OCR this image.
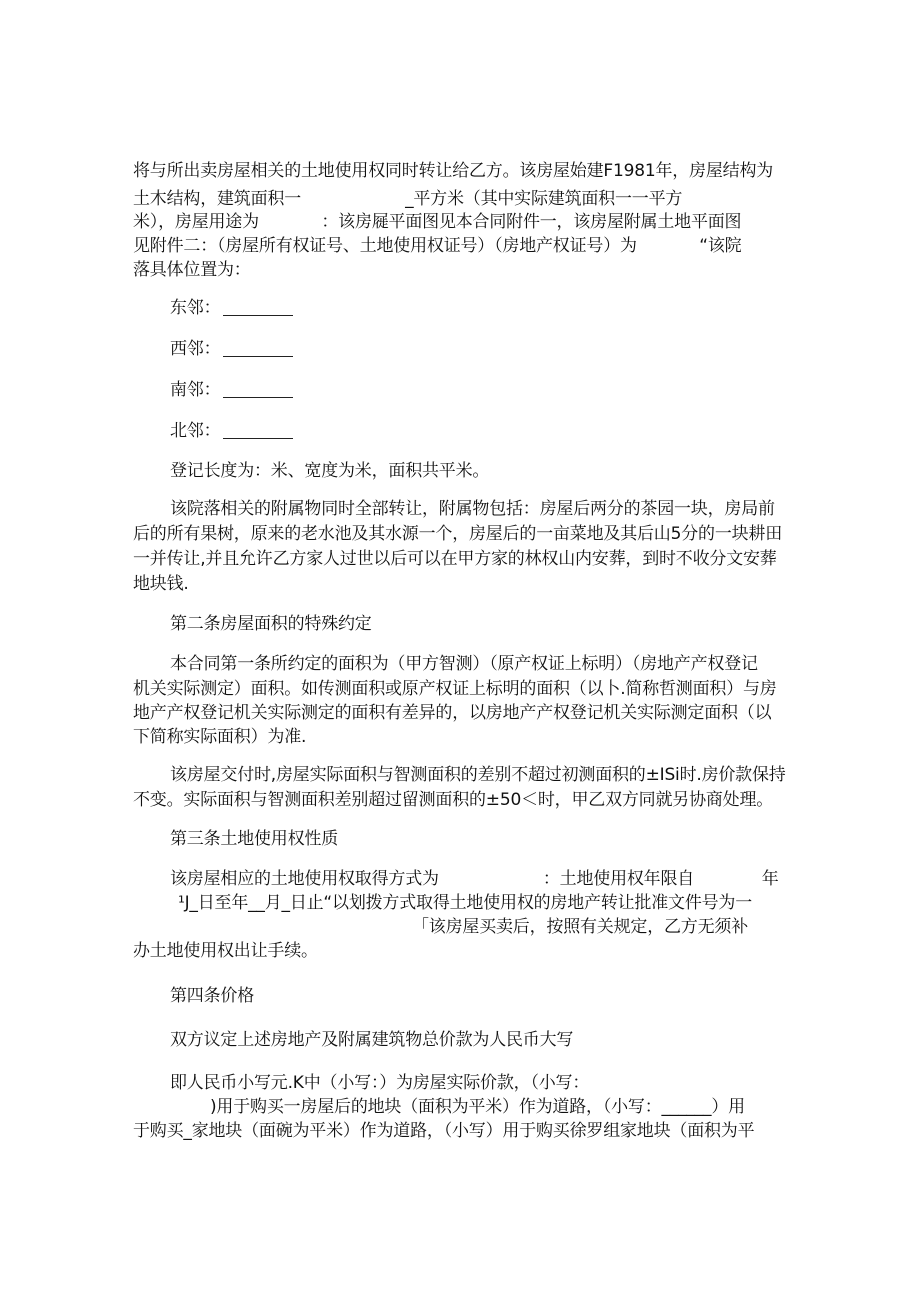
将与所出卖房屋相关的土地使用权同时转让给乙方。该房屋始建F1981年，房屋结构为
土木结构，建筑面积一                    _平方米（其中实际建筑面积一一平方
米），房屋用途为            ：该房屣平面图见本合同附件一，该房屋附属土地平面图
见附件二：（房屋所有权证号、土地使用权证号）（房地产权证号）为            “该院
落具体位置为：
东邻：
西邻：
南邻：
北邻：
登记长度为：米、宽度为米，面积共平米。
该院落相关的附属物同时全部转让，附属物包括：房屋后两分的茶园一块，房局前
后的所有果树，原来的老水池及其水源一个，房屋后的一亩菜地及其后山5分的一块耕田
一并传让,并且允许乙方家人过世以后可以在甲方家的林权山内安葬，到时不收分文安葬
地块钱.
第二条房屋面积的特殊约定
本合同第一条所约定的面积为（甲方智测）（原产权证上标明）（房地产产权登记
机关实际测定）面积。如传测面积或原产权证上标明的面积（以卜.简称哲测面积）与房
地产产权登记机关实际测定的面积有差异的，以房地产产权登记机关实际测定面积（以
下简称实际面积）为准.
该房屋交付时,房屋实际面积与智测面积的差别不超过初测面积的±ISi时.房价款保持
不变。实际面积与智测面积差别超过留测面积的±50＜时，甲乙双方同就另协商处理。
第三条土地使用权性质
该房屋相应的土地使用权取得方式为                    ：土地使用权年限自             年
¹J_日至年__月_日止“以划拨方式取得土地使用权的房地产转让批准文件号为一
「该房屋买卖后，按照有关规定，乙方无须补
办土地使用权出让手续。
第四条价格
双方议定上述房地产及附属建筑物总价款为人民币大写
即人民币小写元.K中（小写：）为房屋实际价款，（小写：
)用于购买一房屋后的地块（面积为平米）作为道路，（小写：______）用
于购买_家地块（面碗为平米）作为道路，（小写）用于购买徐罗组家地块（面积为平
